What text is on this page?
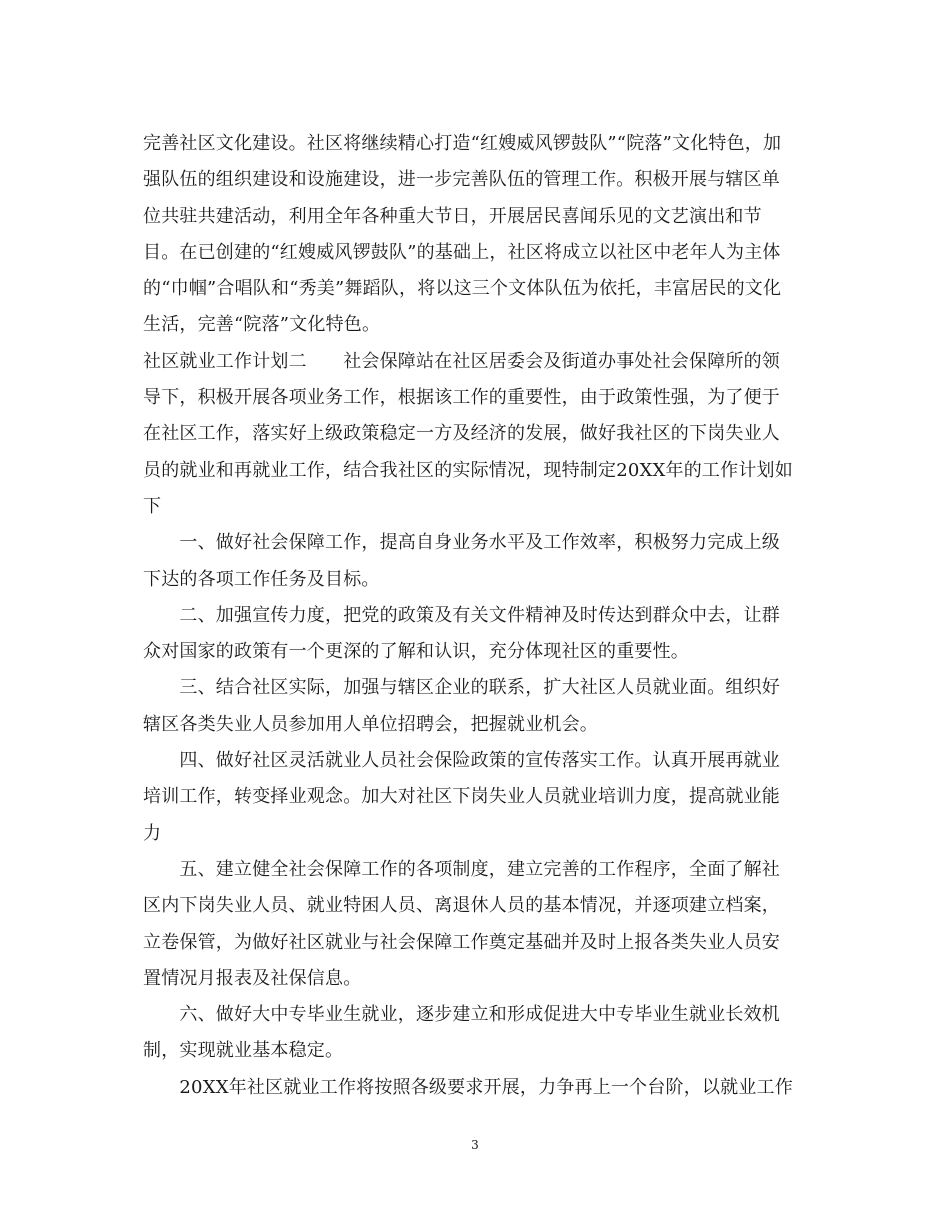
完善社区文化建设。社区将继续精心打造“红嫂威风锣鼓队”“院落”文化特色，加
强队伍的组织建设和设施建设，进一步完善队伍的管理工作。积极开展与辖区单
位共驻共建活动，利用全年各种重大节日，开展居民喜闻乐见的文艺演出和节
目。在已创建的“红嫂威风锣鼓队”的基础上，社区将成立以社区中老年人为主体
的“巾帼”合唱队和“秀美”舞蹈队，将以这三个文体队伍为依托，丰富居民的文化
生活，完善“院落”文化特色。
社区就业工作计划二　　社会保障站在社区居委会及街道办事处社会保障所的领
导下，积极开展各项业务工作，根据该工作的重要性，由于政策性强，为了便于
在社区工作，落实好上级政策稳定一方及经济的发展，做好我社区的下岗失业人
员的就业和再就业工作，结合我社区的实际情况，现特制定20XX年的工作计划如
下
　　一、做好社会保障工作，提高自身业务水平及工作效率，积极努力完成上级
下达的各项工作任务及目标。
　　二、加强宣传力度，把党的政策及有关文件精神及时传达到群众中去，让群
众对国家的政策有一个更深的了解和认识，充分体现社区的重要性。
　　三、结合社区实际，加强与辖区企业的联系，扩大社区人员就业面。组织好
辖区各类失业人员参加用人单位招聘会，把握就业机会。
　　四、做好社区灵活就业人员社会保险政策的宣传落实工作。认真开展再就业
培训工作，转变择业观念。加大对社区下岗失业人员就业培训力度，提高就业能
力
　　五、建立健全社会保障工作的各项制度，建立完善的工作程序，全面了解社
区内下岗失业人员、就业特困人员、离退休人员的基本情况，并逐项建立档案，
立卷保管，为做好社区就业与社会保障工作奠定基础并及时上报各类失业人员安
置情况月报表及社保信息。
　　六、做好大中专毕业生就业，逐步建立和形成促进大中专毕业生就业长效机
制，实现就业基本稳定。
　　20XX年社区就业工作将按照各级要求开展，力争再上一个台阶，以就业工作
3
